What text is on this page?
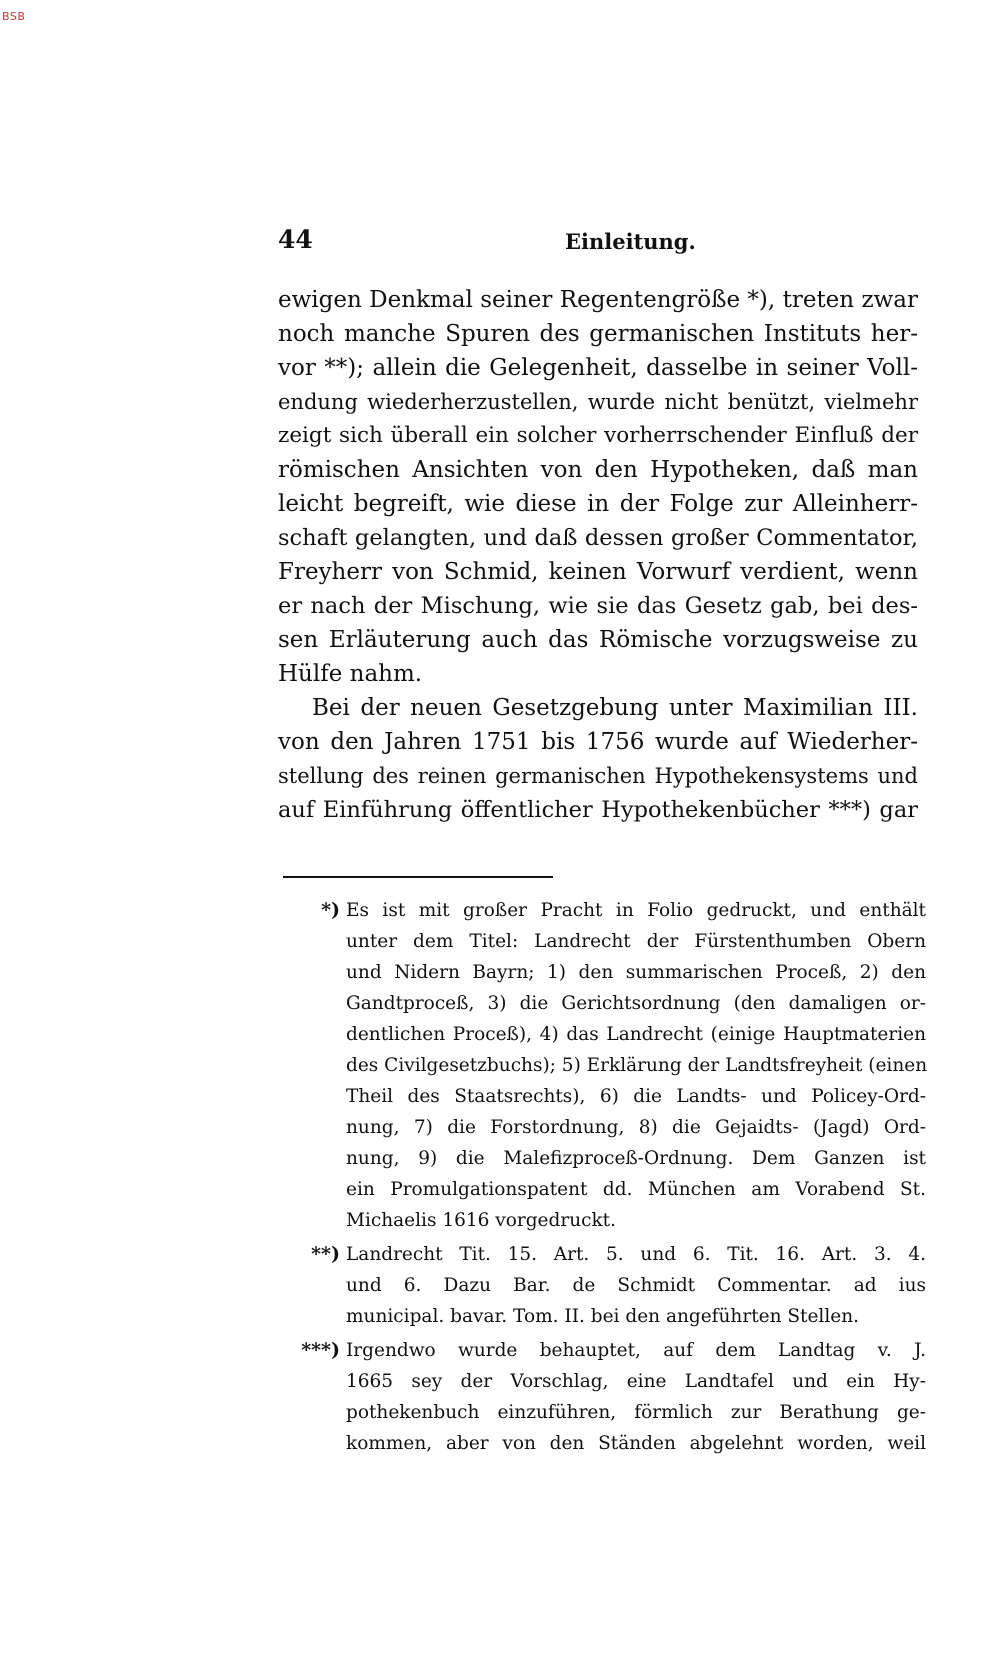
BSB
44	Einleitung.
ewigen Denkmal seiner Regentengröße *), treten zwar
noch manche Spuren des germanischen Instituts her-
vor **); allein die Gelegenheit, dasselbe in seiner Voll-
endung wiederherzustellen, wurde nicht benützt, vielmehr
zeigt sich überall ein solcher vorherrschender Einfluß der
römischen Ansichten von den Hypotheken, daß man
leicht begreift, wie diese in der Folge zur Alleinherr-
schaft gelangten, und daß dessen großer Commentator,
Freyherr von Schmid, keinen Vorwurf verdient, wenn
er nach der Mischung, wie sie das Gesetz gab, bei des-
sen Erläuterung auch das Römische vorzugsweise zu
Hülfe nahm.
Bei der neuen Gesetzgebung unter Maximilian III.
von den Jahren 1751 bis 1756 wurde auf Wiederher-
stellung des reinen germanischen Hypothekensystems und
auf Einführung öffentlicher Hypothekenbücher ***) gar
*) Es ist mit großer Pracht in Folio gedruckt, und enthält
unter dem Titel: Landrecht der Fürstenthumben Obern
und Nidern Bayrn; 1) den summarischen Proceß, 2) den
Gandtproceß, 3) die Gerichtsordnung (den damaligen or-
dentlichen Proceß), 4) das Landrecht (einige Hauptmaterien
des Civilgesetzbuchs); 5) Erklärung der Landtsfreyheit (einen
Theil des Staatsrechts), 6) die Landts- und Policey-Ord-
nung, 7) die Forstordnung, 8) die Gejaidts- (Jagd) Ord-
nung, 9) die Malefizproceß-Ordnung. Dem Ganzen ist
ein Promulgationspatent dd. München am Vorabend St.
Michaelis 1616 vorgedruckt.
**) Landrecht Tit. 15. Art. 5. und 6. Tit. 16. Art. 3. 4.
und 6. Dazu Bar. de Schmidt Commentar. ad ius
municipal. bavar. Tom. II. bei den angeführten Stellen.
***) Irgendwo wurde behauptet, auf dem Landtag v. J.
1665 sey der Vorschlag, eine Landtafel und ein Hy-
pothekenbuch einzuführen, förmlich zur Berathung ge-
kommen, aber von den Ständen abgelehnt worden, weil
